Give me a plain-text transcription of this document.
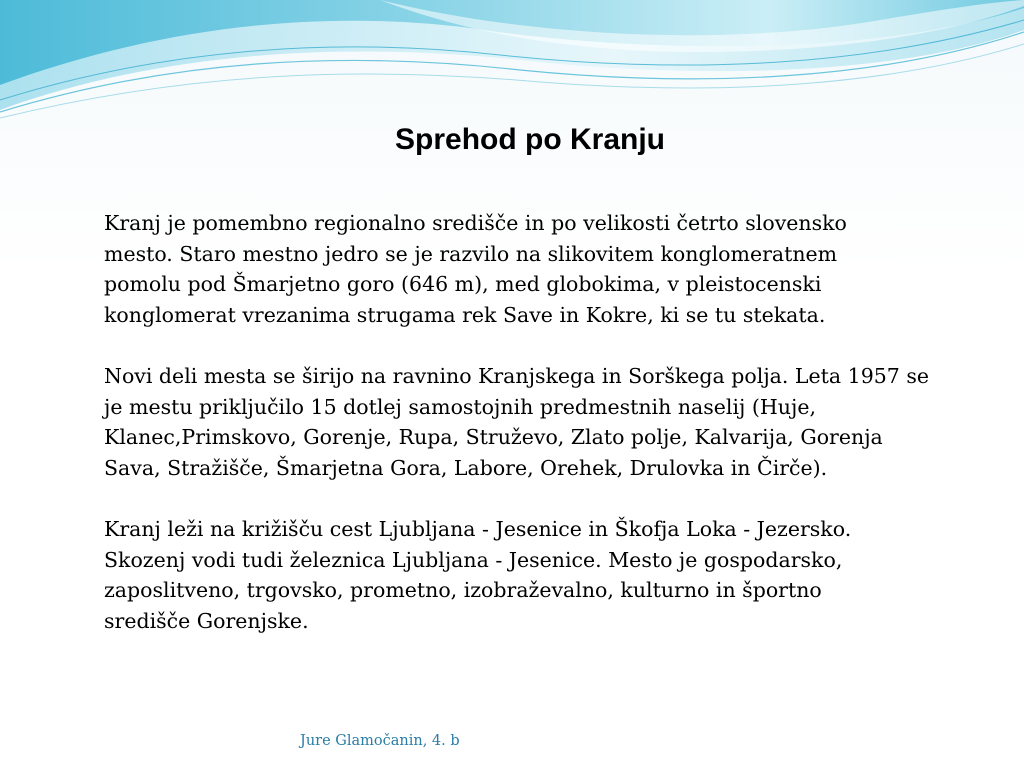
Sprehod po Kranju

Kranj je pomembno regionalno središče in po velikosti četrto slovensko
mesto. Staro mestno jedro se je razvilo na slikovitem konglomeratnem
pomolu pod Šmarjetno goro (646 m), med globokima, v pleistocenski
konglomerat vrezanima strugama rek Save in Kokre, ki se tu stekata.

Novi deli mesta se širijo na ravnino Kranjskega in Sorškega polja. Leta 1957 se
je mestu priključilo 15 dotlej samostojnih predmestnih naselij (Huje,
Klanec,Primskovo, Gorenje, Rupa, Struževo, Zlato polje, Kalvarija, Gorenja
Sava, Stražišče, Šmarjetna Gora, Labore, Orehek, Drulovka in Čirče).

Kranj leži na križišču cest Ljubljana - Jesenice in Škofja Loka - Jezersko.
Skozenj vodi tudi železnica Ljubljana - Jesenice. Mesto je gospodarsko,
zaposlitveno, trgovsko, prometno, izobraževalno, kulturno in športno
središče Gorenjske.

Jure Glamočanin, 4. b
